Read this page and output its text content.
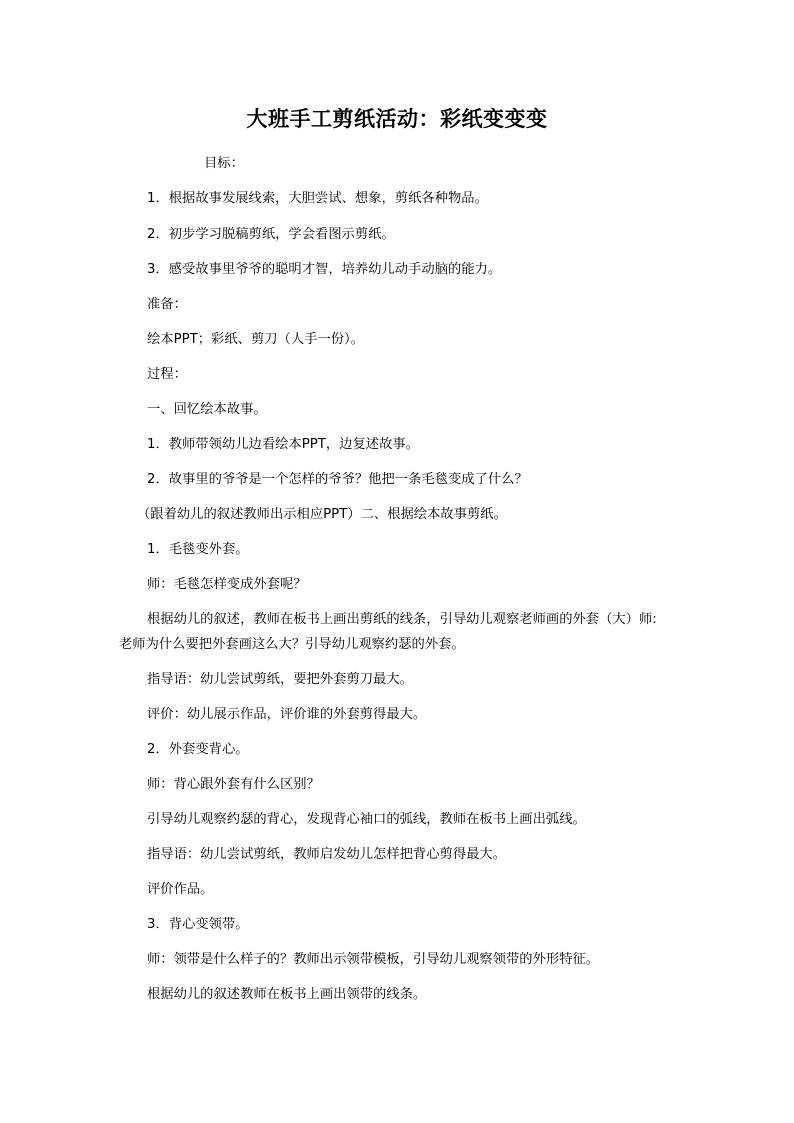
大班手工剪纸活动：彩纸变变变
目标：
1．根据故事发展线索，大胆尝试、想象，剪纸各种物品。
2．初步学习脱稿剪纸，学会看图示剪纸。
3．感受故事里爷爷的聪明才智，培养幼儿动手动脑的能力。
准备：
绘本PPT；彩纸、剪刀（人手一份）。
过程：
一、回忆绘本故事。
1．教师带领幼儿边看绘本PPT，边复述故事。
2．故事里的爷爷是一个怎样的爷爷？他把一条毛毯变成了什么？
（跟着幼儿的叙述教师出示相应PPT）二、根据绘本故事剪纸。
1．毛毯变外套。
师：毛毯怎样变成外套呢？
根据幼儿的叙述，教师在板书上画出剪纸的线条，引导幼儿观察老师画的外套（大）师:
老师为什么要把外套画这么大？引导幼儿观察约瑟的外套。
指导语：幼儿尝试剪纸，要把外套剪刀最大。
评价：幼儿展示作品，评价谁的外套剪得最大。
2．外套变背心。
师：背心跟外套有什么区别？
引导幼儿观察约瑟的背心，发现背心袖口的弧线，教师在板书上画出弧线。
指导语：幼儿尝试剪纸，教师启发幼儿怎样把背心剪得最大。
评价作品。
3．背心变领带。
师：领带是什么样子的？教师出示领带模板，引导幼儿观察领带的外形特征。
根据幼儿的叙述教师在板书上画出领带的线条。
